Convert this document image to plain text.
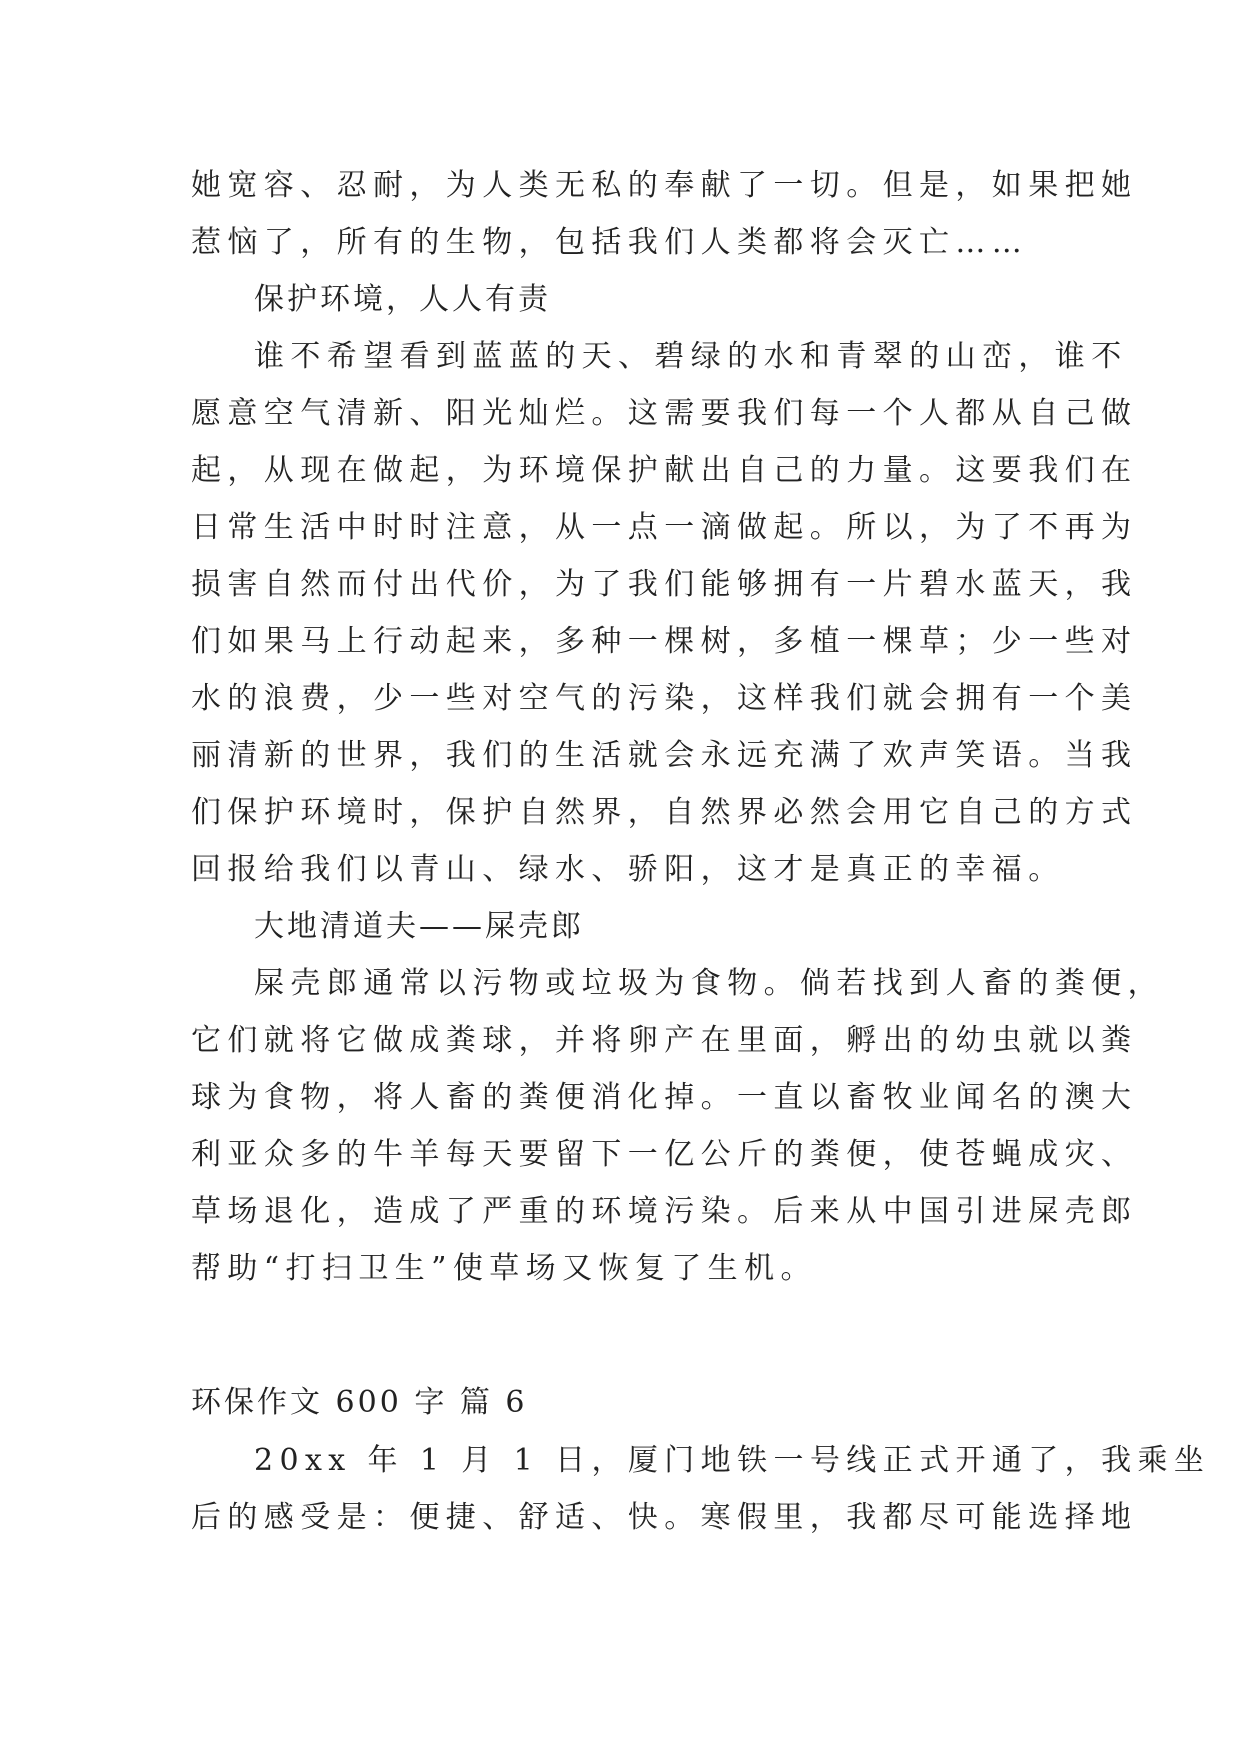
她宽容、忍耐，为人类无私的奉献了一切。但是，如果把她
惹恼了，所有的生物，包括我们人类都将会灭亡……
保护环境，人人有责
谁不希望看到蓝蓝的天、碧绿的水和青翠的山峦，谁不
愿意空气清新、阳光灿烂。这需要我们每一个人都从自己做
起，从现在做起，为环境保护献出自己的力量。这要我们在
日常生活中时时注意，从一点一滴做起。所以，为了不再为
损害自然而付出代价，为了我们能够拥有一片碧水蓝天，我
们如果马上行动起来，多种一棵树，多植一棵草；少一些对
水的浪费，少一些对空气的污染，这样我们就会拥有一个美
丽清新的世界，我们的生活就会永远充满了欢声笑语。当我
们保护环境时，保护自然界，自然界必然会用它自己的方式
回报给我们以青山、绿水、骄阳，这才是真正的幸福。
大地清道夫——屎壳郎
屎壳郎通常以污物或垃圾为食物。倘若找到人畜的粪便，
它们就将它做成粪球，并将卵产在里面，孵出的幼虫就以粪
球为食物，将人畜的粪便消化掉。一直以畜牧业闻名的澳大
利亚众多的牛羊每天要留下一亿公斤的粪便，使苍蝇成灾、
草场退化，造成了严重的环境污染。后来从中国引进屎壳郎
帮助“打扫卫生”使草场又恢复了生机。
环保作文 600 字 篇 6
20xx 年 1 月 1 日，厦门地铁一号线正式开通了，我乘坐
后的感受是：便捷、舒适、快。寒假里，我都尽可能选择地
